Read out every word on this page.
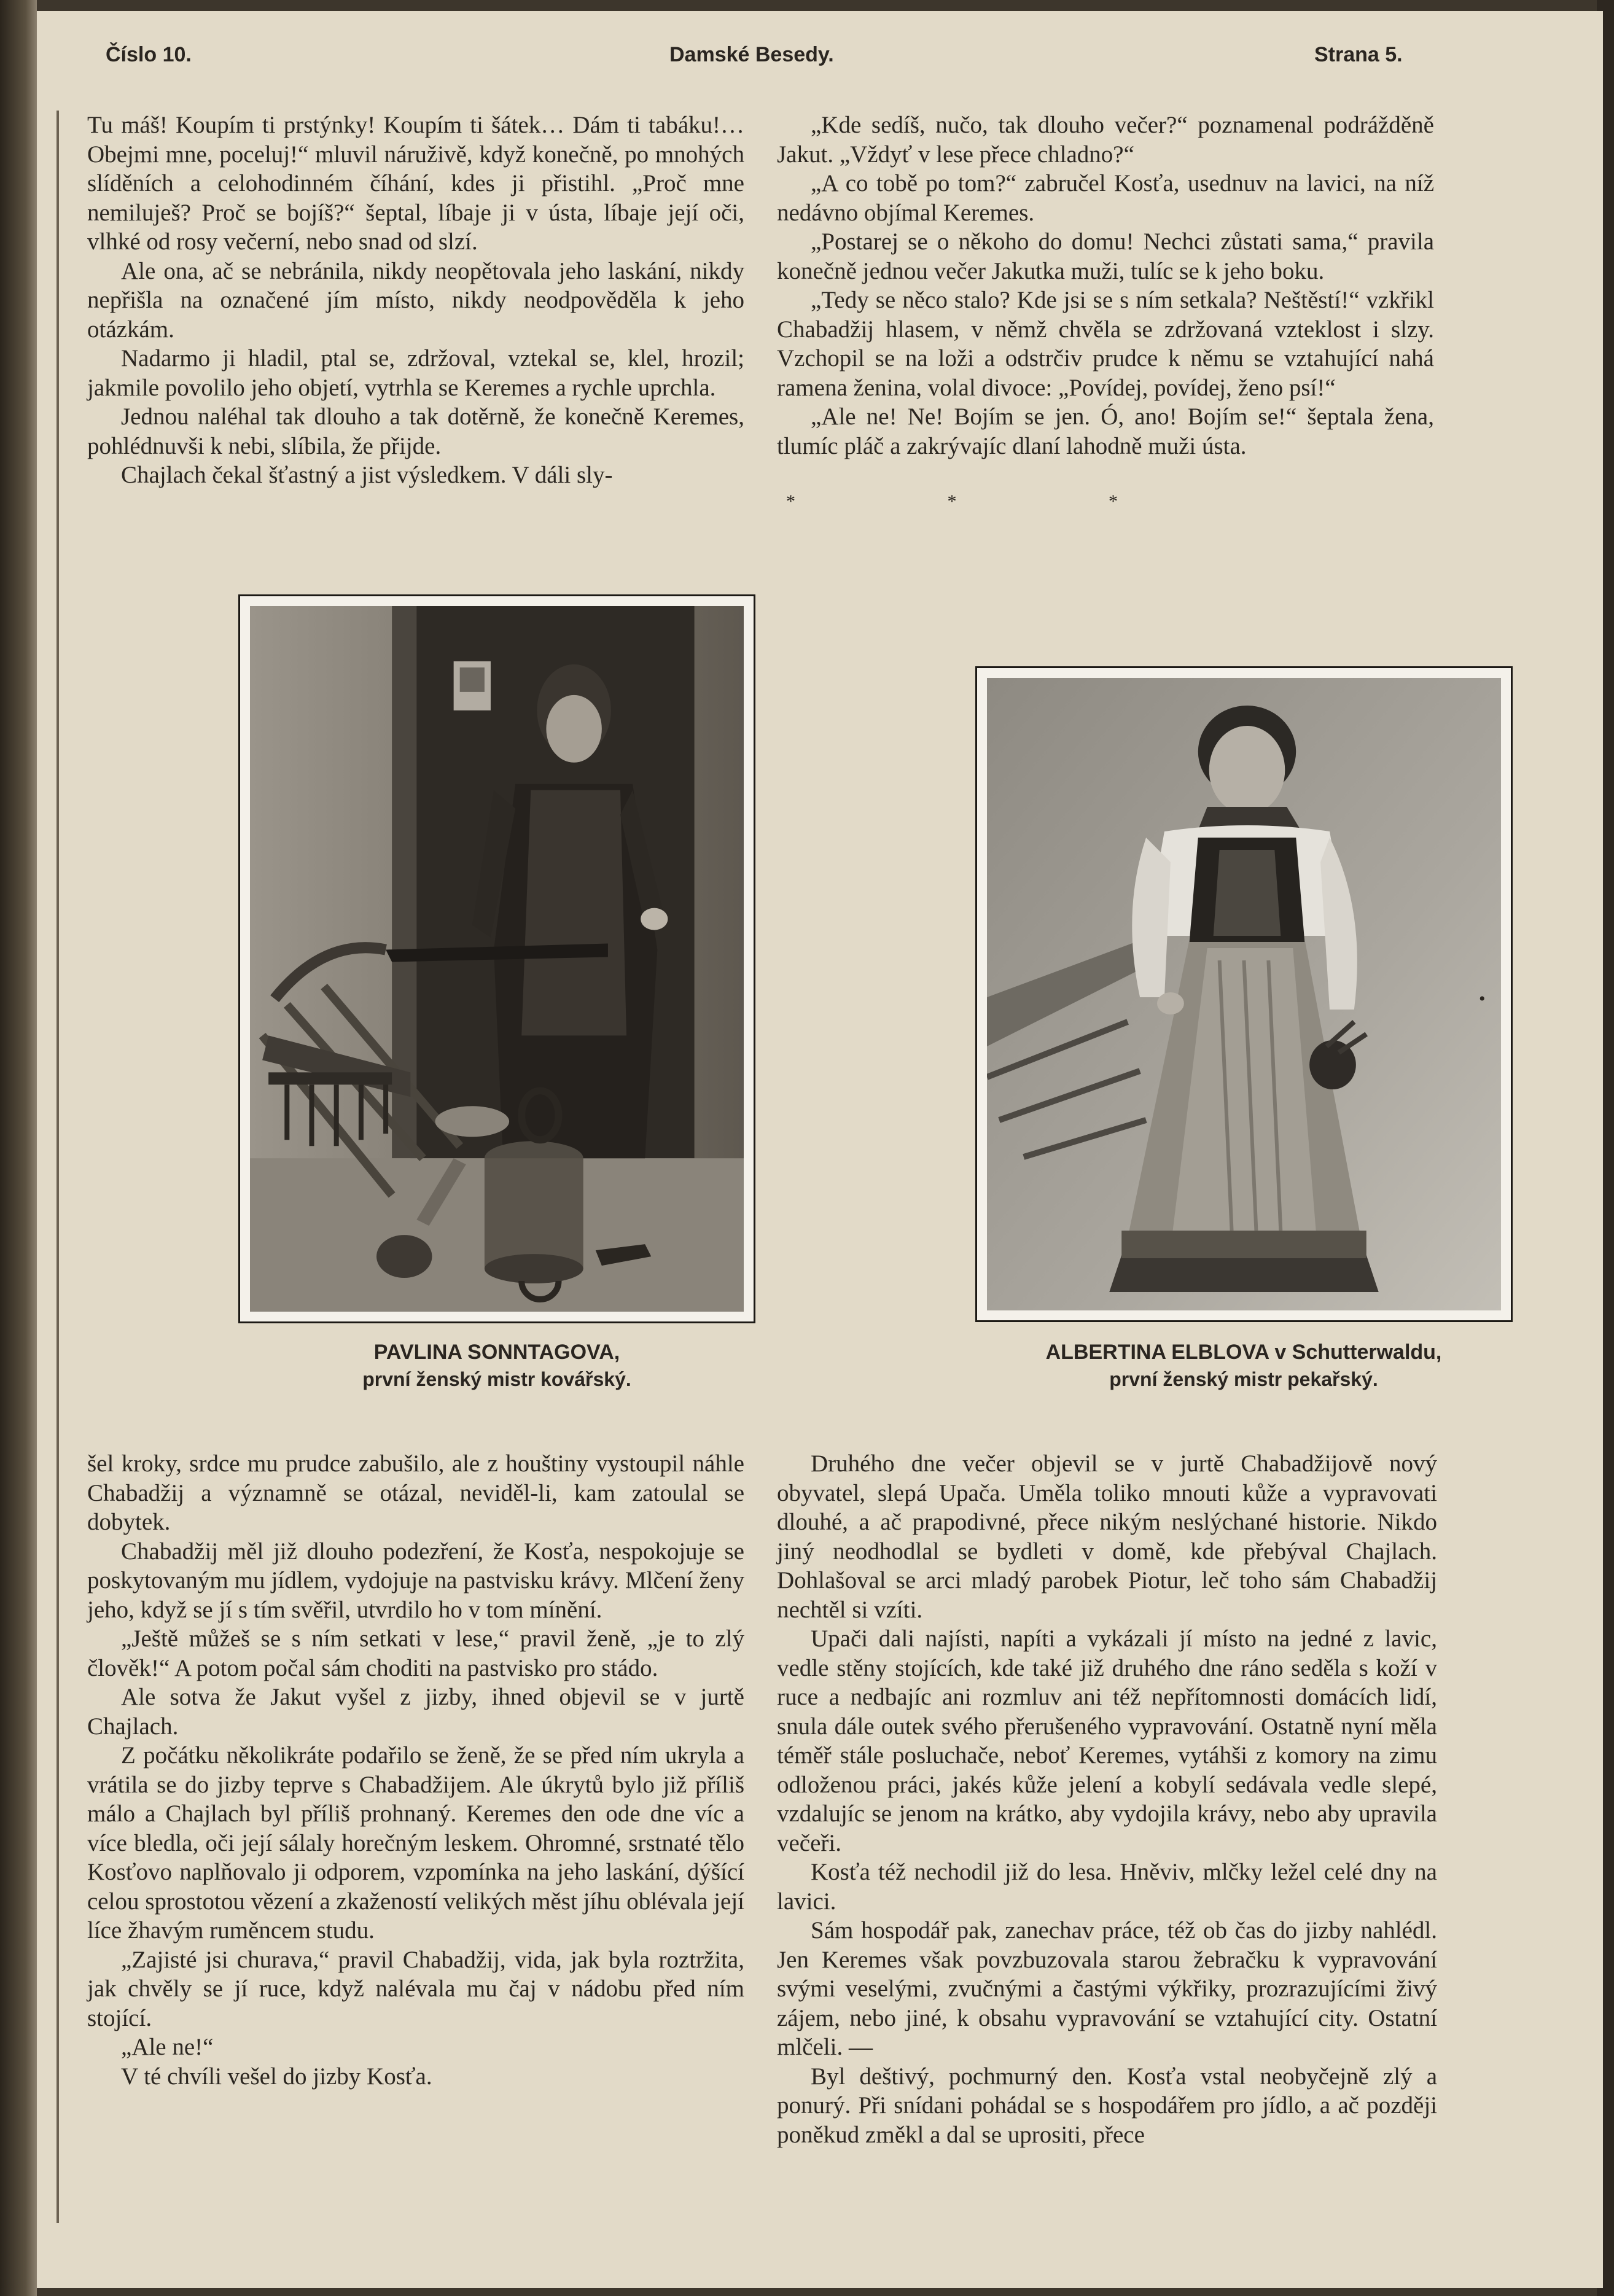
Číslo 10.	Damské Besedy.	Strana 5.

Tu máš! Koupím ti prstýnky! Koupím ti šátek… Dám ti tabáku!… Obejmi mne, poceluj!“ mluvil náruživě, když konečně, po mnohých slíděních a celohodinném číhání, kdes ji přistihl. „Proč mne nemiluješ? Proč se bojíš?“ šeptal, líbaje ji v ústa, líbaje její oči, vlhké od rosy večerní, nebo snad od slzí.

Ale ona, ač se nebránila, nikdy neopětovala jeho laskání, nikdy nepřišla na označené jím místo, nikdy neodpověděla k jeho otázkám.

Nadarmo ji hladil, ptal se, zdržoval, vztekal se, klel, hrozil; jakmile povolilo jeho objetí, vytrhla se Keremes a rychle uprchla.

Jednou naléhal tak dlouho a tak dotěrně, že konečně Keremes, pohlédnuvši k nebi, slíbila, že přijde.

Chajlach čekal šťastný a jist výsledkem. V dáli sly-

„Kde sedíš, nučo, tak dlouho večer?“ poznamenal podrážděně Jakut. „Vždyť v lese přece chladno?“

„A co tobě po tom?“ zabručel Kosťa, usednuv na lavici, na níž nedávno objímal Keremes.

„Postarej se o někoho do domu! Nechci zůstati sama,“ pravila konečně jednou večer Jakutka muži, tulíc se k jeho boku.

„Tedy se něco stalo? Kde jsi se s ním setkala? Neštěstí!“ vzkřikl Chabadžij hlasem, v němž chvěla se zdržovaná vzteklost i slzy. Vzchopil se na loži a odstrčiv prudce k němu se vztahující nahá ramena ženina, volal divoce: „Povídej, povídej, ženo psí!“

„Ale ne! Ne! Bojím se jen. Ó, ano! Bojím se!“ šeptala žena, tlumíc pláč a zakrývajíc dlaní lahodně muži ústa.

* * *
PAVLINA SONNTAGOVA,
první ženský mistr kovářský.
ALBERTINA ELBLOVA v Schutterwaldu,
první ženský mistr pekařský.

šel kroky, srdce mu prudce zabušilo, ale z houštiny vystoupil náhle Chabadžij a významně se otázal, neviděl-li, kam zatoulal se dobytek.

Chabadžij měl již dlouho podezření, že Kosťa, nespokojuje se poskytovaným mu jídlem, vydojuje na pastvisku krávy. Mlčení ženy jeho, když se jí s tím svěřil, utvrdilo ho v tom mínění.

„Ještě můžeš se s ním setkati v lese,“ pravil ženě, „je to zlý člověk!“ A potom počal sám choditi na pastvisko pro stádo.

Ale sotva že Jakut vyšel z jizby, ihned objevil se v jurtě Chajlach.

Z počátku několikráte podařilo se ženě, že se před ním ukryla a vrátila se do jizby teprve s Chabadžijem. Ale úkrytů bylo již příliš málo a Chajlach byl příliš prohnaný. Keremes den ode dne víc a více bledla, oči její sálaly horečným leskem. Ohromné, srstnaté tělo Kosťovo naplňovalo ji odporem, vzpomínka na jeho laskání, dýšící celou sprostotou vězení a zkažeností velikých měst jíhu oblévala její líce žhavým ruměncem studu.

„Zajisté jsi churava,“ pravil Chabadžij, vida, jak byla roztržita, jak chvěly se jí ruce, když nalévala mu čaj v nádobu před ním stojící.

„Ale ne!“

V té chvíli vešel do jizby Kosťa.

Druhého dne večer objevil se v jurtě Chabadžijově nový obyvatel, slepá Upača. Uměla toliko mnouti kůže a vypravovati dlouhé, a ač prapodivné, přece nikým neslýchané historie. Nikdo jiný neodhodlal se bydleti v domě, kde přebýval Chajlach. Dohlašoval se arci mladý parobek Piotur, leč toho sám Chabadžij nechtěl si vzíti.

Upači dali najísti, napíti a vykázali jí místo na jedné z lavic, vedle stěny stojících, kde také již druhého dne ráno seděla s koží v ruce a nedbajíc ani rozmluv ani též nepřítomnosti domácích lidí, snula dále outek svého přerušeného vypravování. Ostatně nyní měla téměř stále posluchače, neboť Keremes, vytáhši z komory na zimu odloženou práci, jakés kůže jelení a kobylí sedávala vedle slepé, vzdalujíc se jenom na krátko, aby vydojila krávy, nebo aby upravila večeři.

Kosťa též nechodil již do lesa. Hněviv, mlčky ležel celé dny na lavici.

Sám hospodář pak, zanechav práce, též ob čas do jizby nahlédl. Jen Keremes však povzbuzovala starou žebračku k vypravování svými veselými, zvučnými a častými výkřiky, prozrazujícími živý zájem, nebo jiné, k obsahu vypravování se vztahující city. Ostatní mlčeli. —

Byl deštivý, pochmurný den. Kosťa vstal neobyčejně zlý a ponurý. Při snídani pohádal se s hospodářem pro jídlo, a ač později poněkud změkl a dal se uprositi, přece

•
